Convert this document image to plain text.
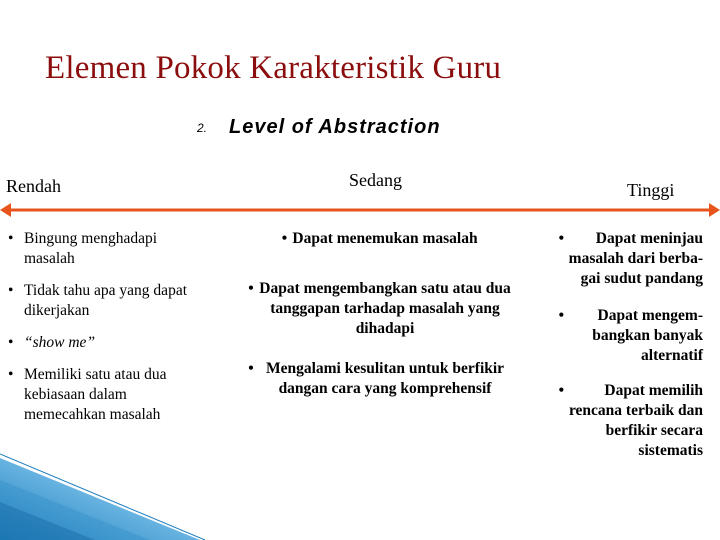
Elemen Pokok Karakteristik Guru
2. Level of Abstraction
Rendah	Sedang	Tinggi
• Bingung menghadapi masalah
• Tidak tahu apa yang dapat dikerjakan
• “show me”
• Memiliki satu atau dua kebiasaan dalam memecahkan masalah
• Dapat menemukan masalah
• Dapat mengembangkan satu atau dua tanggapan tarhadap masalah yang dihadapi
• Mengalami kesulitan untuk berfikir dangan cara yang komprehensif
•	Dapat meninjau masalah dari berba-gai sudut pandang
•	Dapat mengem-bangkan banyak alternatif
•	Dapat memilih rencana terbaik dan berfikir secara sistematis
